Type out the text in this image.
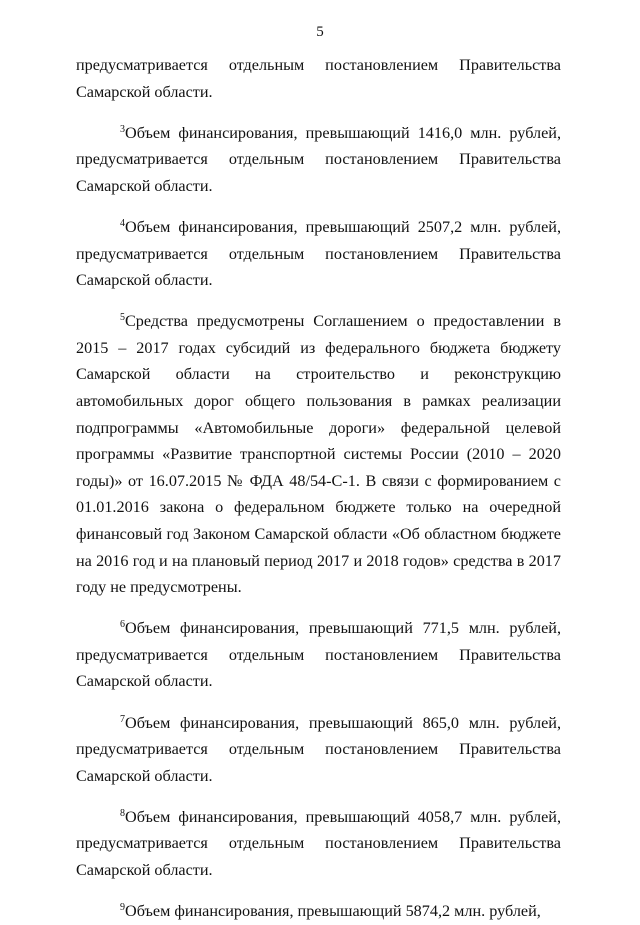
5

предусматривается отдельным постановлением Правительства Самарской области.

$^3$Объем финансирования, превышающий 1416,0 млн. рублей, предусматривается отдельным постановлением Правительства Самарской области.

$^4$Объем финансирования, превышающий 2507,2 млн. рублей, предусматривается отдельным постановлением Правительства Самарской области.

$^5$Средства предусмотрены Соглашением о предоставлении в 2015 – 2017 годах субсидий из федерального бюджета бюджету Самарской области на строительство и реконструкцию автомобильных дорог общего пользования в рамках реализации подпрограммы «Автомобильные дороги» федеральной целевой программы «Развитие транспортной системы России (2010 – 2020 годы)» от 16.07.2015 № ФДА 48/54-С-1. В связи с формированием с 01.01.2016 закона о федеральном бюджете только на очередной финансовый год Законом Самарской области «Об областном бюджете на 2016 год и на плановый период 2017 и 2018 годов» средства в 2017 году не предусмотрены.

$^6$Объем финансирования, превышающий 771,5 млн. рублей, предусматривается отдельным постановлением Правительства Самарской области.

$^7$Объем финансирования, превышающий 865,0 млн. рублей, предусматривается отдельным постановлением Правительства Самарской области.

$^8$Объем финансирования, превышающий 4058,7 млн. рублей, предусматривается отдельным постановлением Правительства Самарской области.

$^9$Объем финансирования, превышающий 5874,2 млн. рублей,
